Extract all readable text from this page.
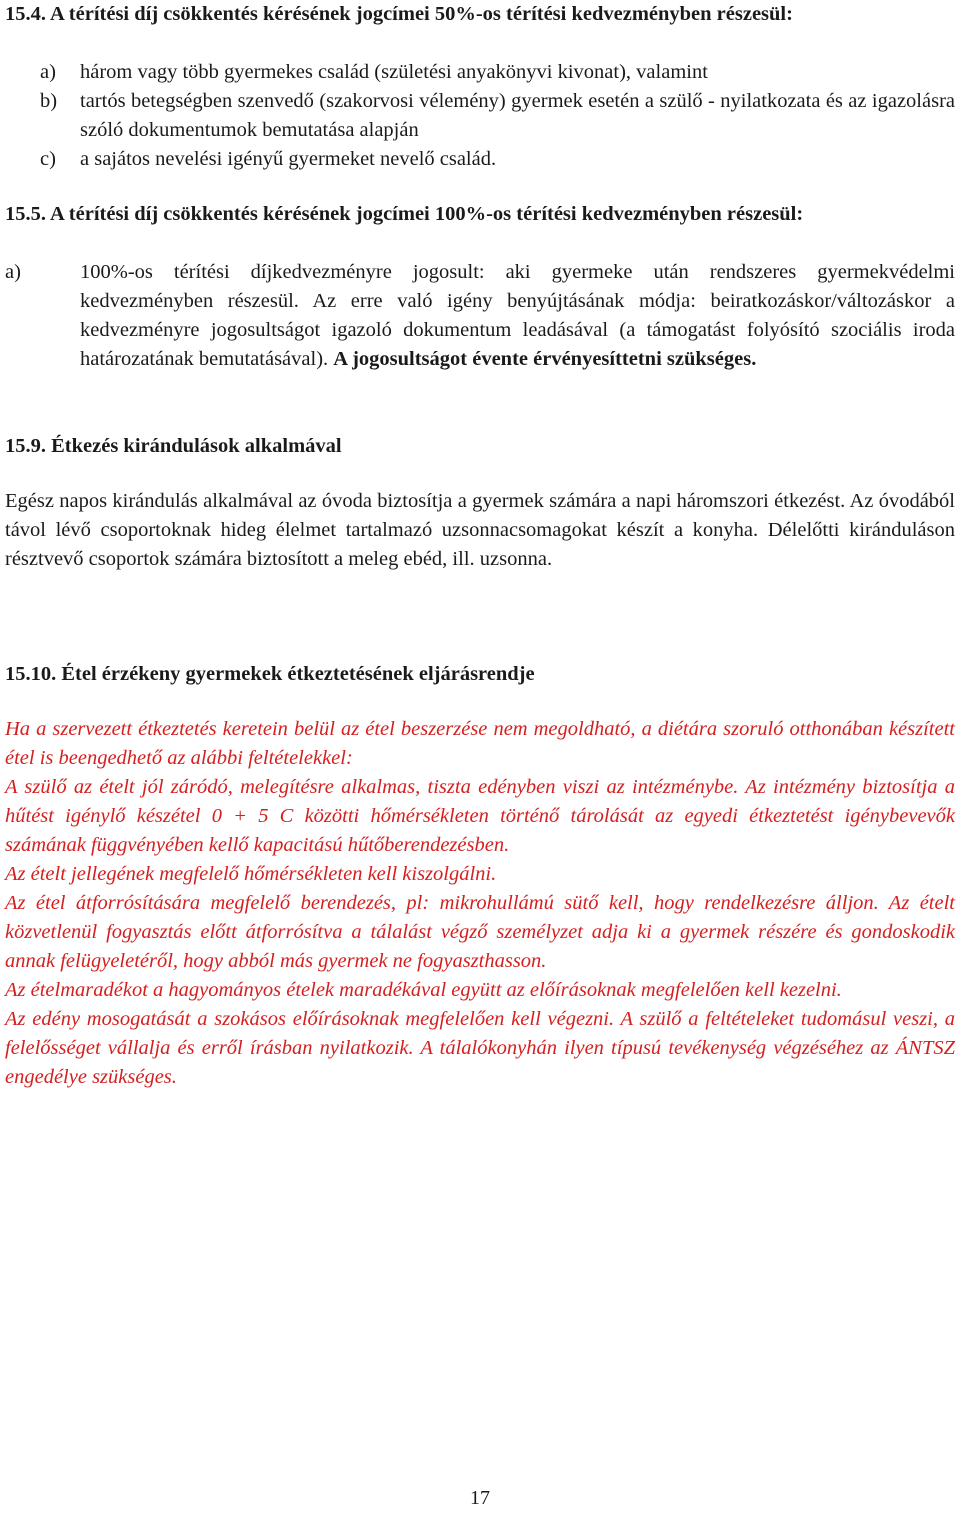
15.4. A térítési díj csökkentés kérésének jogcímei 50%-os térítési kedvezményben részesül:

a)	három vagy több gyermekes család (születési anyakönyvi kivonat), valamint
b)	tartós betegségben szenvedő (szakorvosi vélemény) gyermek esetén a szülő - nyilatkozata és az igazolásra szóló dokumentumok bemutatása alapján
c)	a sajátos nevelési igényű gyermeket nevelő család.

15.5. A térítési díj csökkentés kérésének jogcímei 100%-os térítési kedvezményben részesül:

a)	100%-os térítési díjkedvezményre jogosult: aki gyermeke után rendszeres gyermekvédelmi kedvezményben részesül. Az erre való igény benyújtásának módja: beiratkozáskor/változáskor a kedvezményre jogosultságot igazoló dokumentum leadásával (a támogatást folyósító szociális iroda határozatának bemutatásával). A jogosultságot évente érvényesíttetni szükséges.

15.9. Étkezés kirándulások alkalmával

Egész napos kirándulás alkalmával az óvoda biztosítja a gyermek számára a napi háromszori étkezést. Az óvodából távol lévő csoportoknak hideg élelmet tartalmazó uzsonnacsomagokat készít a konyha. Délelőtti kiránduláson résztvevő csoportok számára biztosított a meleg ebéd, ill. uzsonna.

15.10. Étel érzékeny gyermekek étkeztetésének eljárásrendje

Ha a szervezett étkeztetés keretein belül az étel beszerzése nem megoldható, a diétára szoruló otthonában készített étel is beengedhető az alábbi feltételekkel:

A szülő az ételt jól záródó, melegítésre alkalmas, tiszta edényben viszi az intézménybe. Az intézmény biztosítja a hűtést igénylő készétel 0 + 5 C közötti hőmérsékleten történő tárolását az egyedi étkeztetést igénybevevők számának függvényében kellő kapacitású hűtőberendezésben.

Az ételt jellegének megfelelő hőmérsékleten kell kiszolgálni.

Az étel átforrósítására megfelelő berendezés, pl: mikrohullámú sütő kell, hogy rendelkezésre álljon. Az ételt közvetlenül fogyasztás előtt átforrósítva a tálalást végző személyzet adja ki a gyermek részére és gondoskodik annak felügyeletéről, hogy abból más gyermek ne fogyaszthasson.

Az ételmaradékot a hagyományos ételek maradékával együtt az előírásoknak megfelelően kell kezelni.

Az edény mosogatását a szokásos előírásoknak megfelelően kell végezni. A szülő a feltételeket tudomásul veszi, a felelősséget vállalja és erről írásban nyilatkozik. A tálalókonyhán ilyen típusú tevékenység végzéséhez az ÁNTSZ engedélye szükséges.

17
